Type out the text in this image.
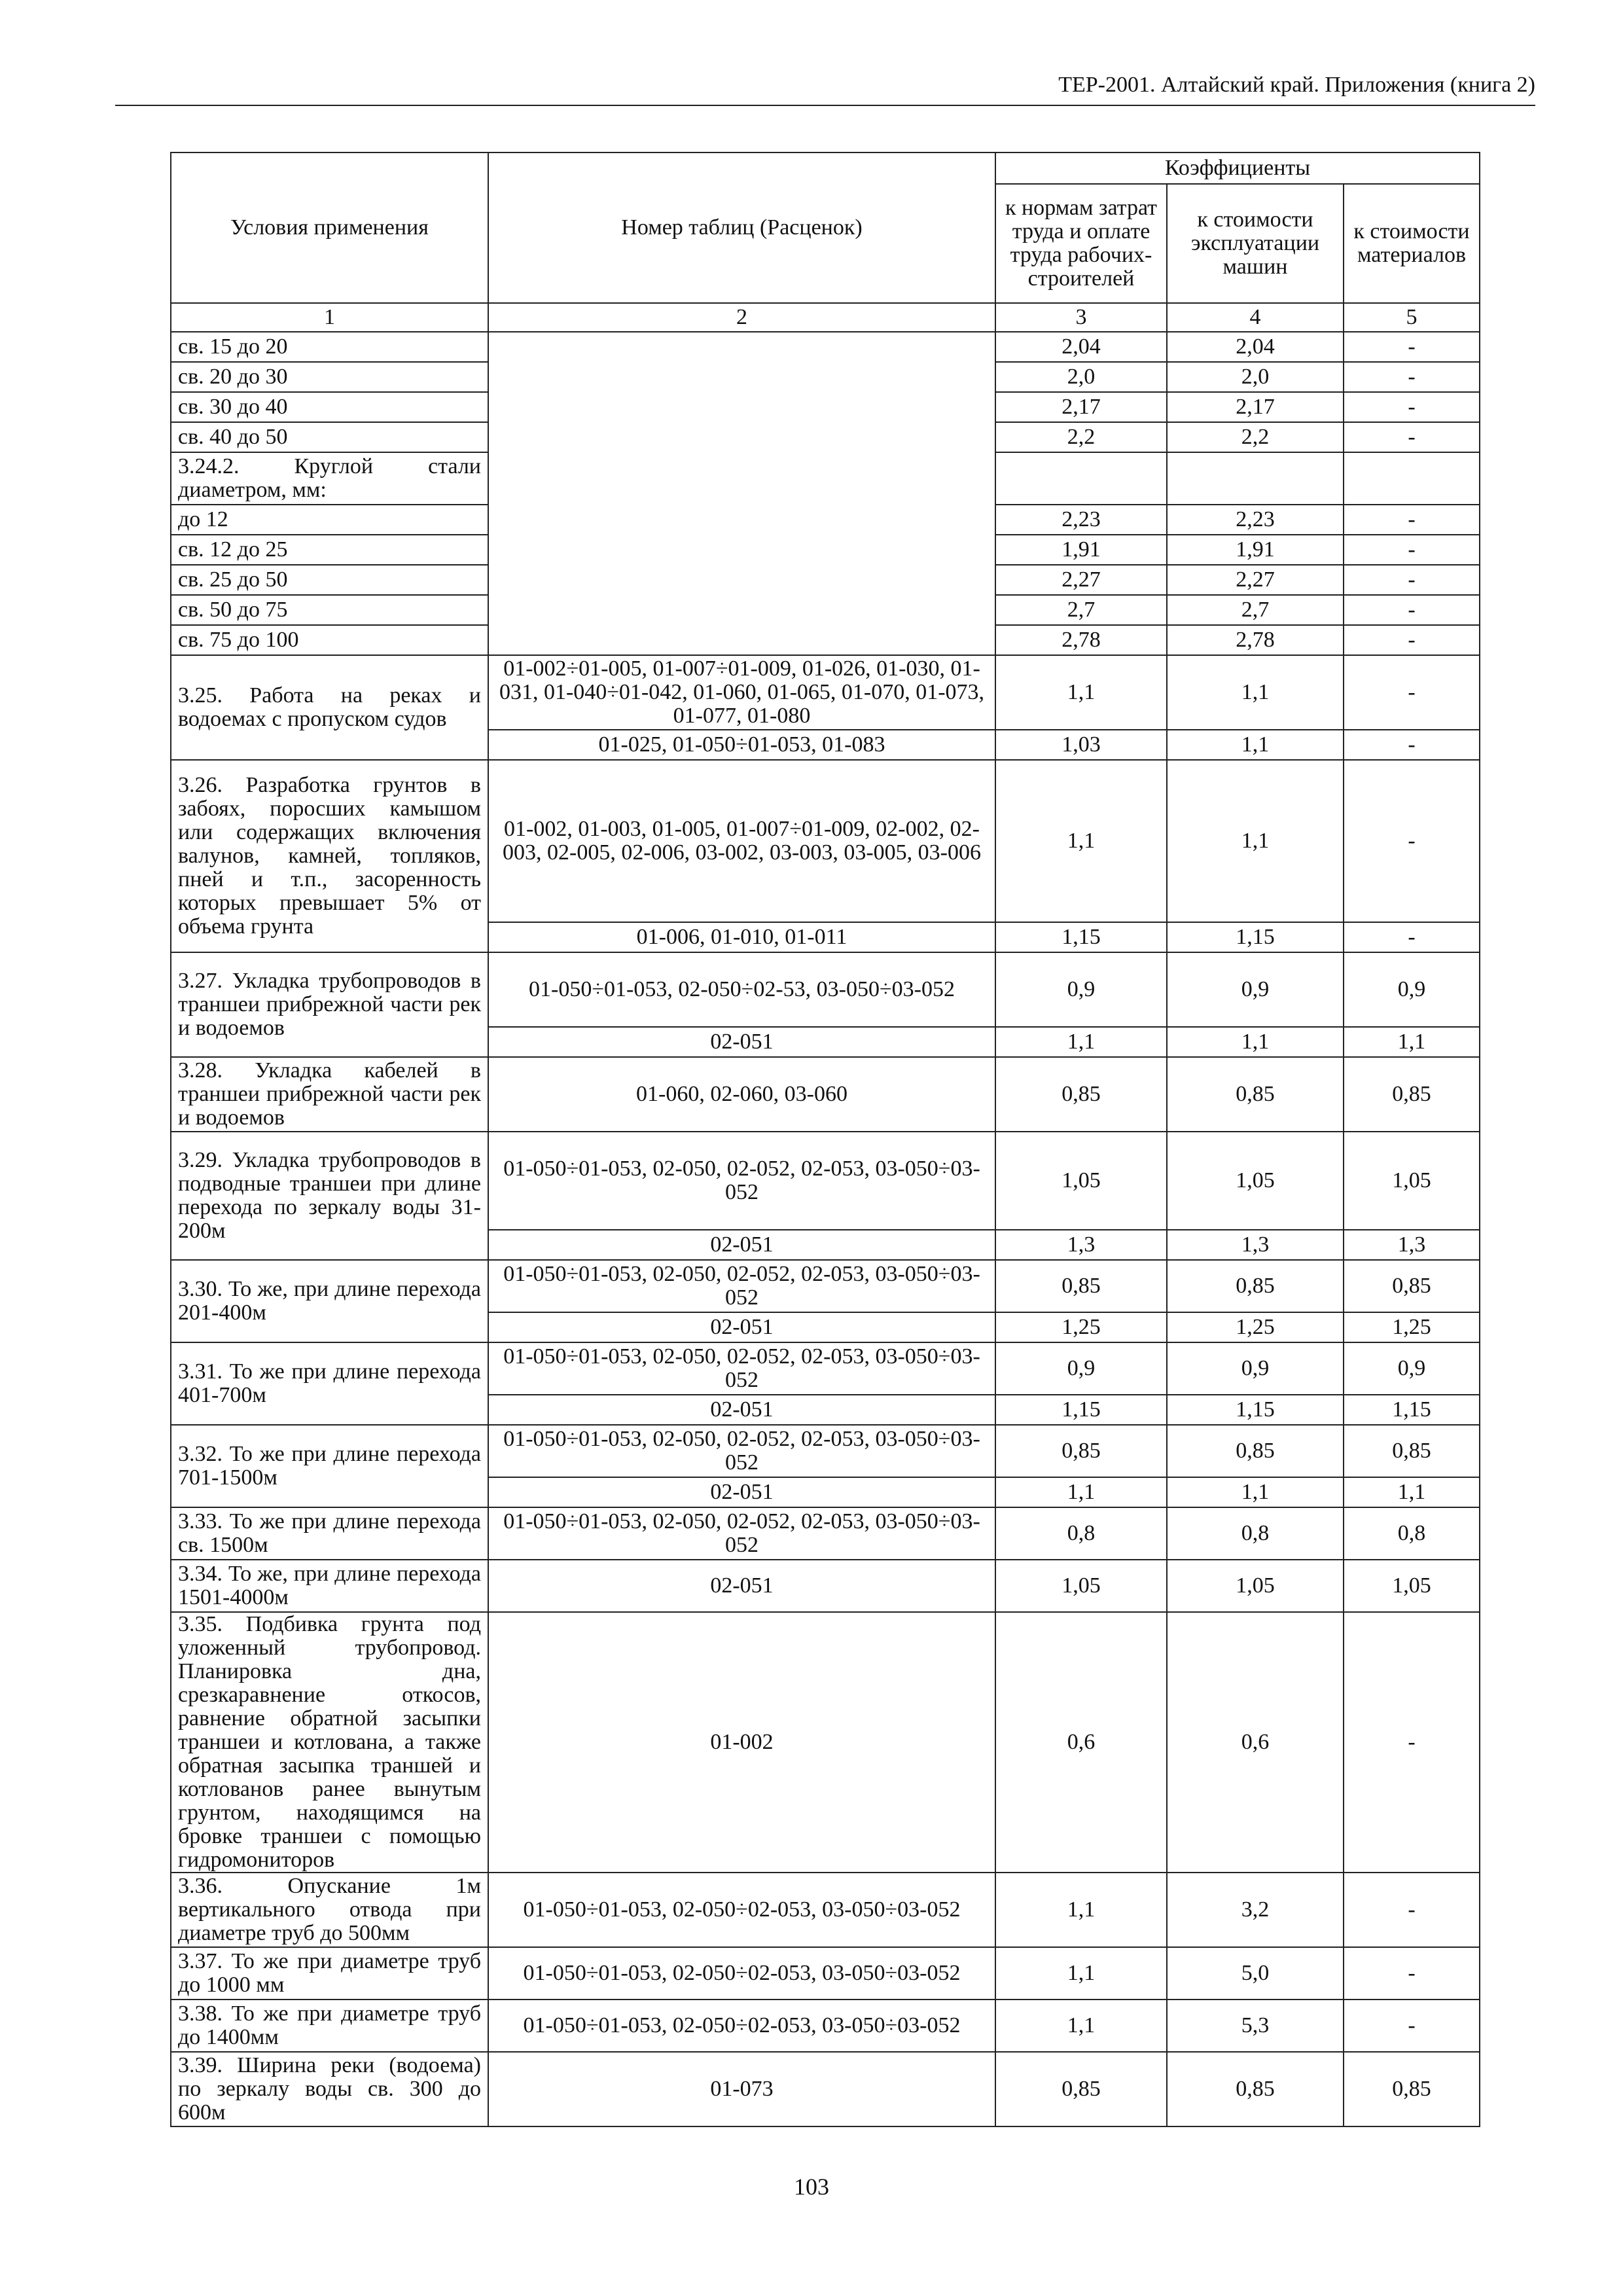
ТЕР-2001. Алтайский край. Приложения (книга 2)
Условия применения	Номер таблиц (Расценок)	Коэффициенты		
		к нормам затрат труда и оплате труда рабочих-строителей	к стоимости эксплуатации машин	к стоимости материалов
1	2	3	4	5
св. 15 до 20		2,04	2,04	-
св. 20 до 30		2,0	2,0	-
св. 30 до 40		2,17	2,17	-
св. 40 до 50		2,2	2,2	-
3.24.2. Круглой стали диаметром, мм:				
до 12		2,23	2,23	-
св. 12 до 25		1,91	1,91	-
св. 25 до 50		2,27	2,27	-
св. 50 до 75		2,7	2,7	-
св. 75 до 100		2,78	2,78	-
3.25. Работа на реках и водоемах с пропуском судов	01-002÷01-005, 01-007÷01-009, 01-026, 01-030, 01-031, 01-040÷01-042, 01-060, 01-065, 01-070, 01-073, 01-077, 01-080	1,1	1,1	-
	01-025, 01-050÷01-053, 01-083	1,03	1,1	-
3.26. Разработка грунтов в забоях, поросших камышом или содержащих включения валунов, камней, топляков, пней и т.п., засоренность которых превышает 5% от объема грунта	01-002, 01-003, 01-005, 01-007÷01-009, 02-002, 02-003, 02-005, 02-006, 03-002, 03-003, 03-005, 03-006	1,1	1,1	-
	01-006, 01-010, 01-011	1,15	1,15	-
3.27. Укладка трубопроводов в траншеи прибрежной части рек и водоемов	01-050÷01-053, 02-050÷02-53, 03-050÷03-052	0,9	0,9	0,9
	02-051	1,1	1,1	1,1
3.28. Укладка кабелей в траншеи прибрежной части рек и водоемов	01-060, 02-060, 03-060	0,85	0,85	0,85
3.29. Укладка трубопроводов в подводные траншеи при длине перехода по зеркалу воды 31-200м	01-050÷01-053, 02-050, 02-052, 02-053, 03-050÷03-052	1,05	1,05	1,05
	02-051	1,3	1,3	1,3
3.30. То же, при длине перехода 201-400м	01-050÷01-053, 02-050, 02-052, 02-053, 03-050÷03-052	0,85	0,85	0,85
	02-051	1,25	1,25	1,25
3.31. То же при длине перехода 401-700м	01-050÷01-053, 02-050, 02-052, 02-053, 03-050÷03-052	0,9	0,9	0,9
	02-051	1,15	1,15	1,15
3.32. То же при длине перехода 701-1500м	01-050÷01-053, 02-050, 02-052, 02-053, 03-050÷03-052	0,85	0,85	0,85
	02-051	1,1	1,1	1,1
3.33. То же при длине перехода св. 1500м	01-050÷01-053, 02-050, 02-052, 02-053, 03-050÷03-052	0,8	0,8	0,8
3.34. То же, при длине перехода 1501-4000м	02-051	1,05	1,05	1,05
3.35. Подбивка грунта под уложенный трубопровод. Планировка дна, срезкаравнение откосов, равнение обратной засыпки траншеи и котлована, а также обратная засыпка траншей и котлованов ранее вынутым грунтом, находящимся на бровке траншеи с помощью гидромониторов	01-002	0,6	0,6	-
3.36. Опускание 1м вертикального отвода при диаметре труб до 500мм	01-050÷01-053, 02-050÷02-053, 03-050÷03-052	1,1	3,2	-
3.37. То же при диаметре труб до 1000 мм	01-050÷01-053, 02-050÷02-053, 03-050÷03-052	1,1	5,0	-
3.38. То же при диаметре труб до 1400мм	01-050÷01-053, 02-050÷02-053, 03-050÷03-052	1,1	5,3	-
3.39. Ширина реки (водоема) по зеркалу воды св. 300 до 600м	01-073	0,85	0,85	0,85
103
